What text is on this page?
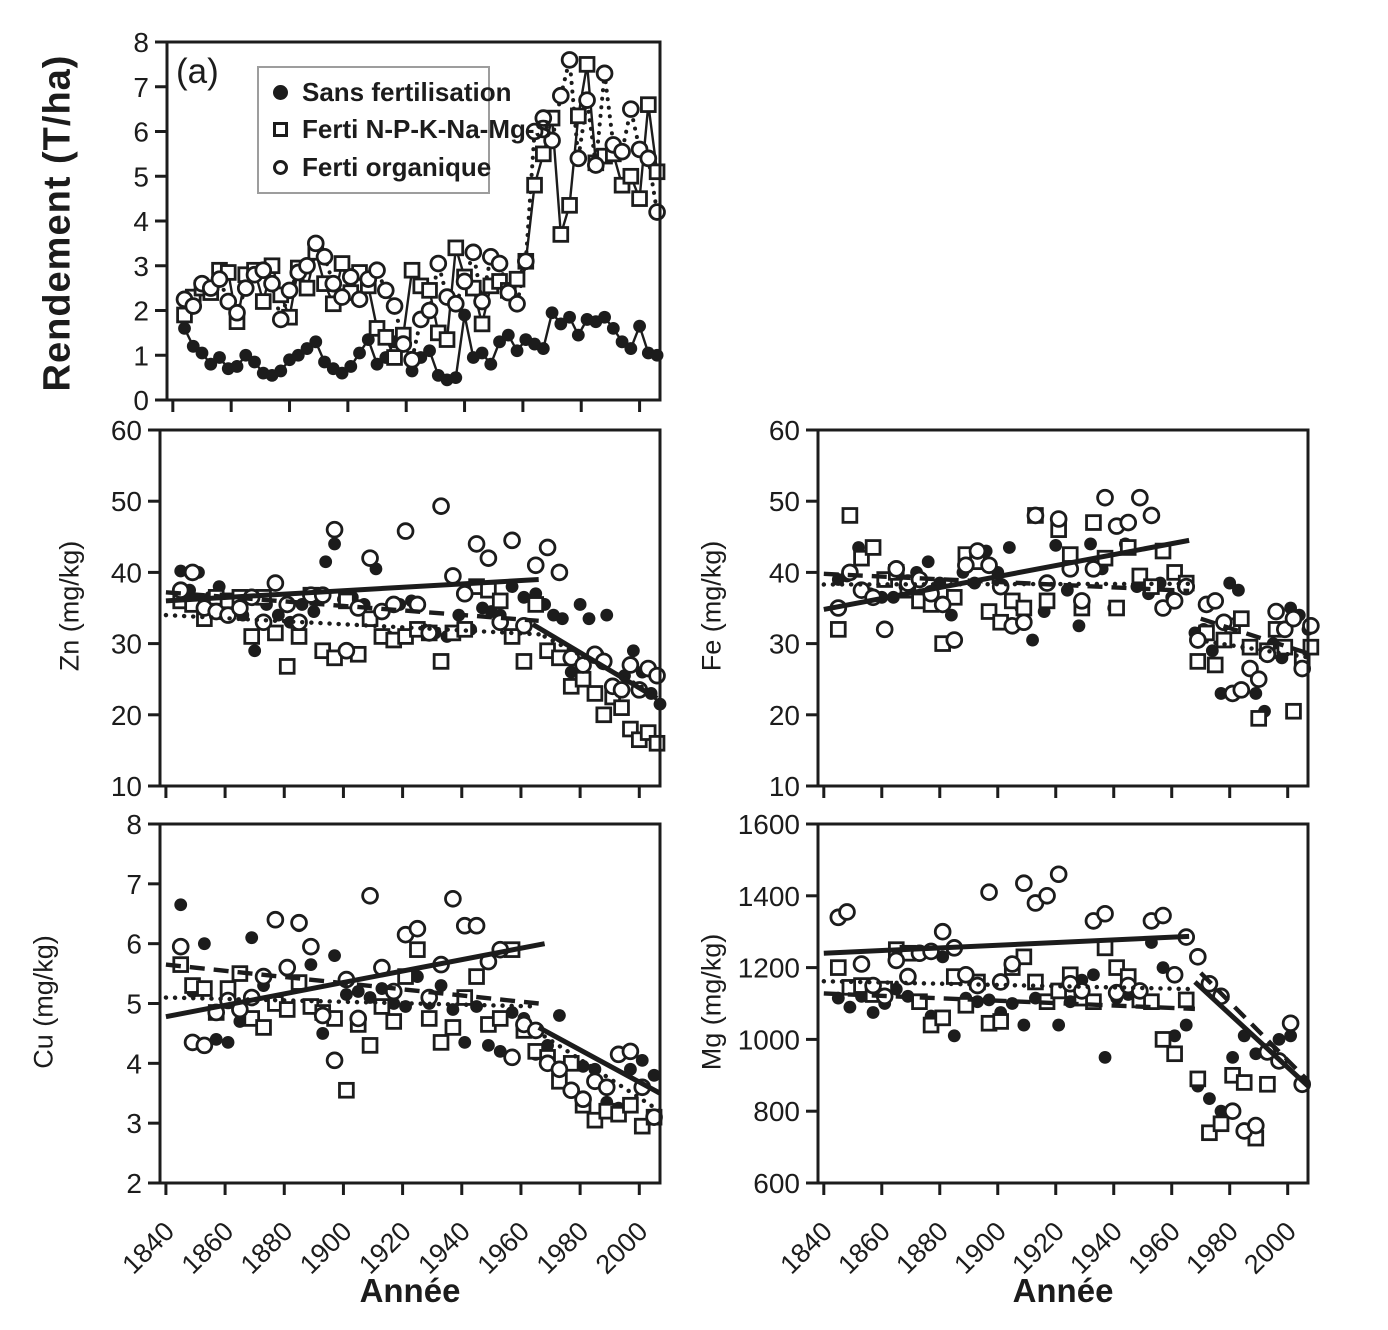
0
1
2
3
4
5
6
7
8
10
20
30
40
50
60
10
20
30
40
50
60
2
3
4
5
6
7
8
1840
1860
1880
1900
1920
1940
1960
1980
2000
600
800
1000
1200
1400
1600
1840
1860
1880
1900
1920
1940
1960
1980
2000
(a)
Rendement (T/ha)
Zn (mg/kg)	Fe (mg/kg)
Cu (mg/kg)	Mg (mg/kg)
Année	Année
Sans fertilisation
Ferti N-P-K-Na-Mg-S
Ferti organique
